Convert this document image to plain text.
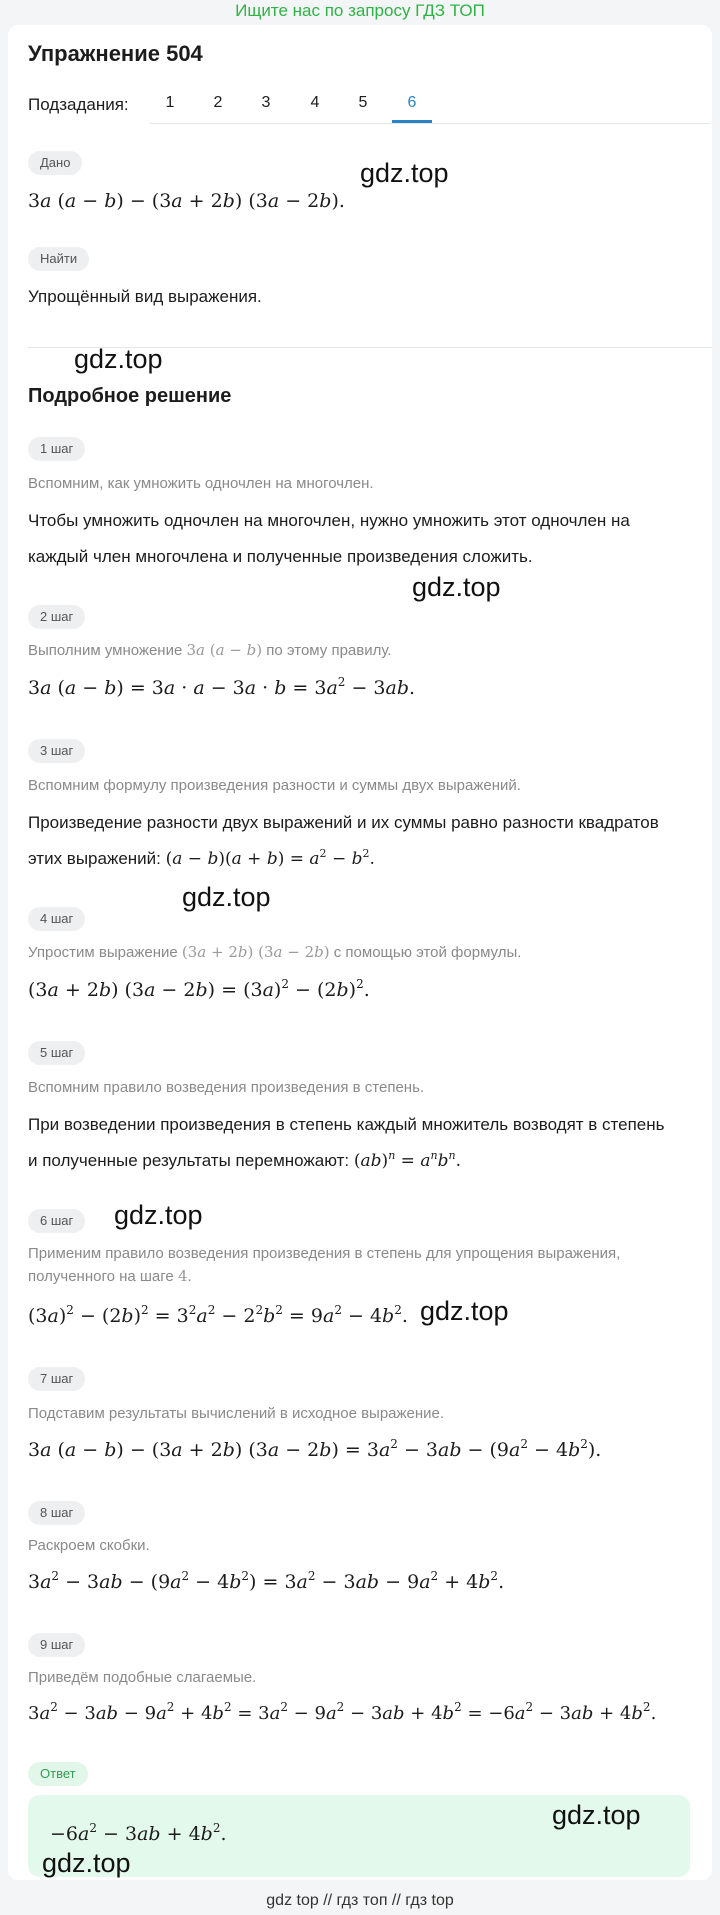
Ищите нас по запросу ГДЗ ТОП
Упражнение 504
Подзадания:	1	2	3	4	5	6
Дано
3a (a − b) − (3a + 2b) (3a − 2b).
Найти
Упрощённый вид выражения.
Подробное решение
1 шаг
Вспомним, как умножить одночлен на многочлен.
Чтобы умножить одночлен на многочлен, нужно умножить этот одночлен на каждый член многочлена и полученные произведения сложить.
2 шаг
Выполним умножение 3a (a − b) по этому правилу.
3a $(a - b) = 3a \cdot a - 3a \cdot b = 3a^2 - 3ab$.
3 шаг
Вспомним формулу произведения разности и суммы двух выражений.
Произведение разности двух выражений и их суммы равно разности квадратов этих выражений: $(a - b)(a + b) = a^2 - b^2$.
4 шаг
Упростим выражение (3a + 2b) (3a − 2b) с помощью этой формулы.
(3a + 2b) $(3a - 2b) = (3a)^2 - (2b)^2$.
5 шаг
Вспомним правило возведения произведения в степень.
При возведении произведения в степень каждый множитель возводят в степень и полученные результаты перемножают: $(ab)^n = a^nb^n$.
6 шаг
Применим правило возведения произведения в степень для упрощения выражения,
полученного на шаге 4.
$(3a)^2 - (2b)^2 = 3^2a^2 - 2^2b^2 = 9a^2 - 4b^2$.
7 шаг
Подставим результаты вычислений в исходное выражение.
3a (a − b) − (3a + 2b) $(3a - 2b) = 3a^2 - 3ab - (9a^2 - 4b^2)$.
8 шаг
Раскроем скобки.
$3a^2 - 3ab - (9a^2 - 4b^2) = 3a^2 - 3ab - 9a^2 + 4b^2$.
9 шаг
Приведём подобные слагаемые.
$3a^2 - 3ab - 9a^2 + 4b^2 = 3a^2 - 9a^2 - 3ab + 4b^2 = -6a^2 - 3ab + 4b^2$.
Ответ
$-6a^2 - 3ab + 4b^2$.
gdz.top
gdz.top
gdz.top
gdz.top
gdz.top
gdz.top
gdz.top
gdz.top
gdz top // гдз топ // гдз top
